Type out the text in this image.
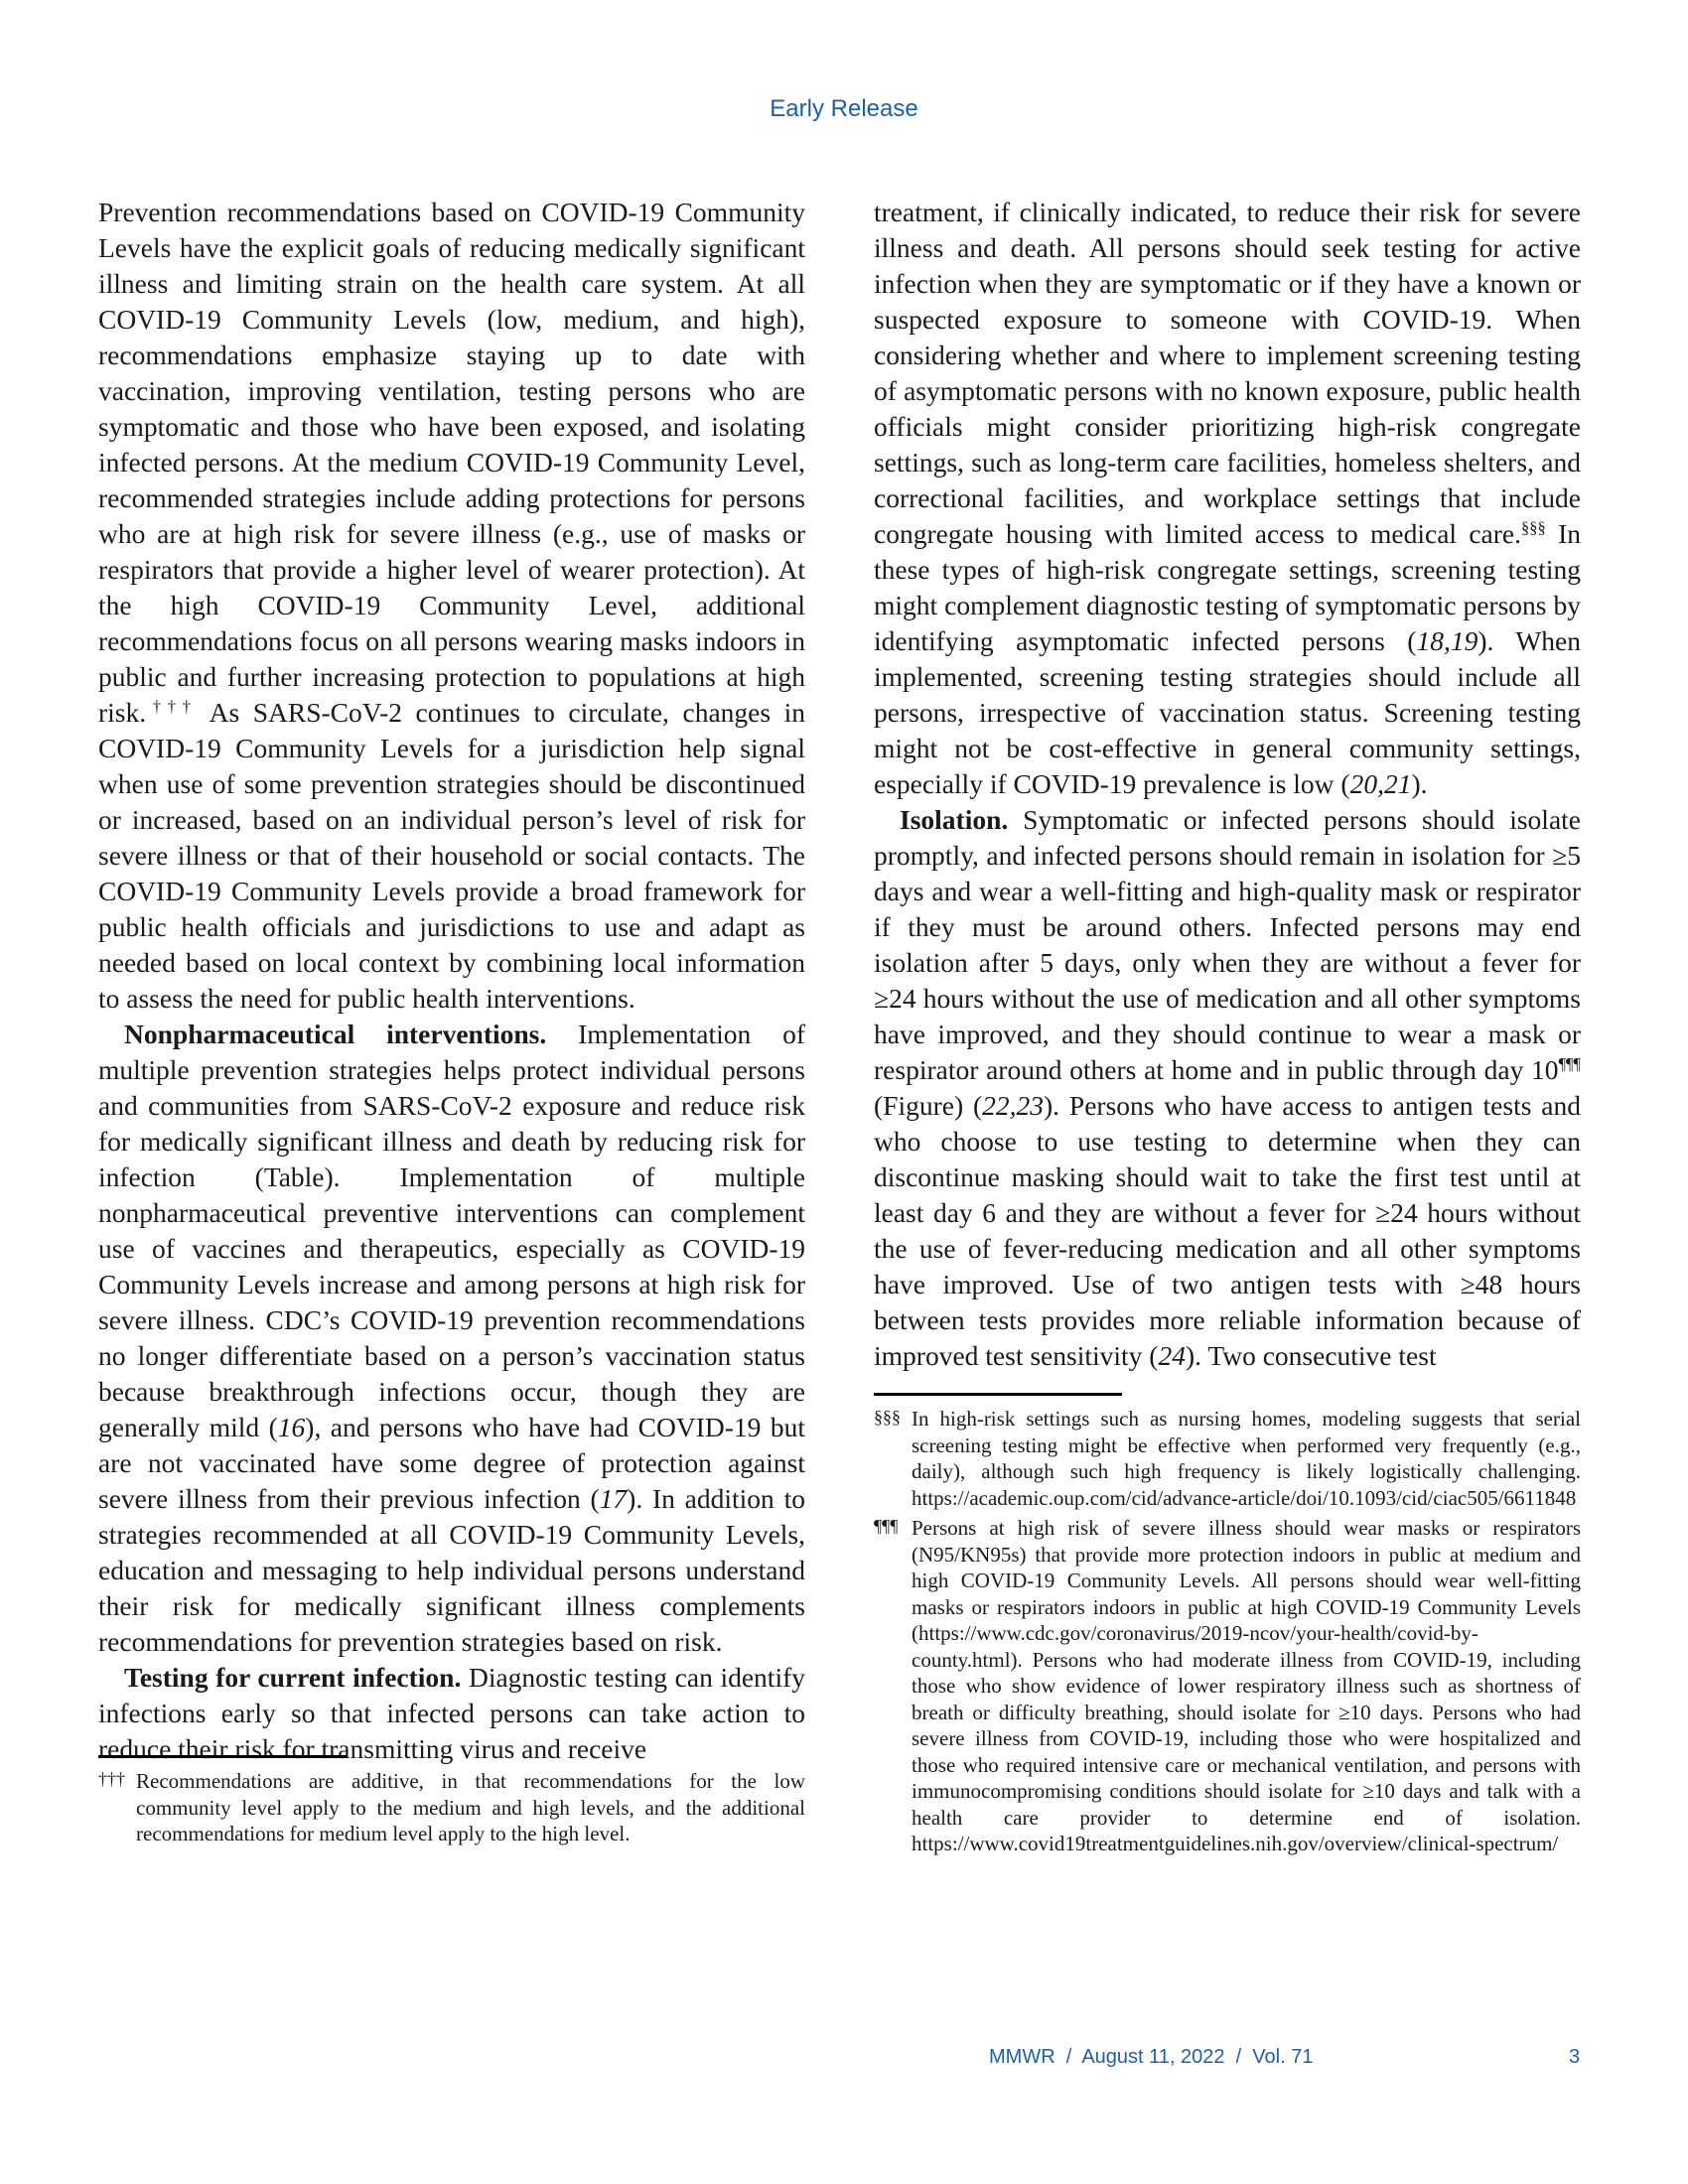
Early Release

Prevention recommendations based on COVID-19 Community Levels have the explicit goals of reducing medically significant illness and limiting strain on the health care system. At all COVID-19 Community Levels (low, medium, and high), recommendations emphasize staying up to date with vaccination, improving ventilation, testing persons who are symptomatic and those who have been exposed, and isolating infected persons. At the medium COVID-19 Community Level, recommended strategies include adding protections for persons who are at high risk for severe illness (e.g., use of masks or respirators that provide a higher level of wearer protection). At the high COVID-19 Community Level, additional recommendations focus on all persons wearing masks indoors in public and further increasing protection to populations at high risk.††† As SARS-CoV-2 continues to circulate, changes in COVID-19 Community Levels for a jurisdiction help signal when use of some prevention strategies should be discontinued or increased, based on an individual person’s level of risk for severe illness or that of their household or social contacts. The COVID-19 Community Levels provide a broad framework for public health officials and jurisdictions to use and adapt as needed based on local context by combining local information to assess the need for public health interventions.

Nonpharmaceutical interventions. Implementation of multiple prevention strategies helps protect individual persons and communities from SARS-CoV-2 exposure and reduce risk for medically significant illness and death by reducing risk for infection (Table). Implementation of multiple nonpharmaceutical preventive interventions can complement use of vaccines and therapeutics, especially as COVID-19 Community Levels increase and among persons at high risk for severe illness. CDC’s COVID-19 prevention recommendations no longer differentiate based on a person’s vaccination status because breakthrough infections occur, though they are generally mild (16), and persons who have had COVID-19 but are not vaccinated have some degree of protection against severe illness from their previous infection (17). In addition to strategies recommended at all COVID-19 Community Levels, education and messaging to help individual persons understand their risk for medically significant illness complements recommendations for prevention strategies based on risk.

Testing for current infection. Diagnostic testing can identify infections early so that infected persons can take action to reduce their risk for transmitting virus and receive

††† Recommendations are additive, in that recommendations for the low community level apply to the medium and high levels, and the additional recommendations for medium level apply to the high level.

treatment, if clinically indicated, to reduce their risk for severe illness and death. All persons should seek testing for active infection when they are symptomatic or if they have a known or suspected exposure to someone with COVID-19. When considering whether and where to implement screening testing of asymptomatic persons with no known exposure, public health officials might consider prioritizing high-risk congregate settings, such as long-term care facilities, homeless shelters, and correctional facilities, and workplace settings that include congregate housing with limited access to medical care.§§§ In these types of high-risk congregate settings, screening testing might complement diagnostic testing of symptomatic persons by identifying asymptomatic infected persons (18,19). When implemented, screening testing strategies should include all persons, irrespective of vaccination status. Screening testing might not be cost-effective in general community settings, especially if COVID-19 prevalence is low (20,21).

Isolation. Symptomatic or infected persons should isolate promptly, and infected persons should remain in isolation for ≥5 days and wear a well-fitting and high-quality mask or respirator if they must be around others. Infected persons may end isolation after 5 days, only when they are without a fever for ≥24 hours without the use of medication and all other symptoms have improved, and they should continue to wear a mask or respirator around others at home and in public through day 10¶¶¶ (Figure) (22,23). Persons who have access to antigen tests and who choose to use testing to determine when they can discontinue masking should wait to take the first test until at least day 6 and they are without a fever for ≥24 hours without the use of fever-reducing medication and all other symptoms have improved. Use of two antigen tests with ≥48 hours between tests provides more reliable information because of improved test sensitivity (24). Two consecutive test

§§§ In high-risk settings such as nursing homes, modeling suggests that serial screening testing might be effective when performed very frequently (e.g., daily), although such high frequency is likely logistically challenging. https://academic.oup.com/cid/advance-article/doi/10.1093/cid/ciac505/6611848
¶¶¶ Persons at high risk of severe illness should wear masks or respirators (N95/KN95s) that provide more protection indoors in public at medium and high COVID-19 Community Levels. All persons should wear well-fitting masks or respirators indoors in public at high COVID-19 Community Levels (https://www.cdc.gov/coronavirus/2019-ncov/your-health/covid-by-county.html). Persons who had moderate illness from COVID-19, including those who show evidence of lower respiratory illness such as shortness of breath or difficulty breathing, should isolate for ≥10 days. Persons who had severe illness from COVID-19, including those who were hospitalized and those who required intensive care or mechanical ventilation, and persons with immunocompromising conditions should isolate for ≥10 days and talk with a health care provider to determine end of isolation. https://www.covid19treatmentguidelines.nih.gov/overview/clinical-spectrum/
MMWR  /  August 11, 2022  /  Vol. 71	3
